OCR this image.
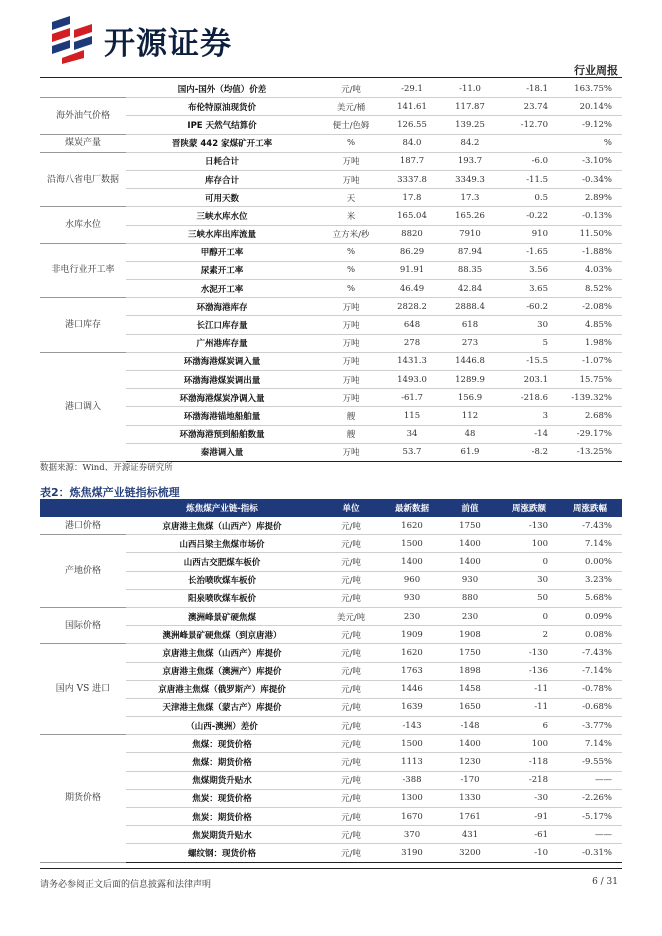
开源证券
行业周报
	国内-国外（均值）价差	元/吨	-29.1	-11.0	-18.1	163.75%
海外油气价格	布伦特原油现货价	美元/桶	141.61	117.87	23.74	20.14%
	IPE 天然气结算价	便士/色姆	126.55	139.25	-12.70	-9.12%
煤炭产量	晋陕蒙 442 家煤矿开工率	%	84.0	84.2		%
沿海八省电厂数据	日耗合计	万吨	187.7	193.7	-6.0	-3.10%
	库存合计	万吨	3337.8	3349.3	-11.5	-0.34%
	可用天数	天	17.8	17.3	0.5	2.89%
水库水位	三峡水库水位	米	165.04	165.26	-0.22	-0.13%
	三峡水库出库流量	立方米/秒	8820	7910	910	11.50%
非电行业开工率	甲醇开工率	%	86.29	87.94	-1.65	-1.88%
	尿素开工率	%	91.91	88.35	3.56	4.03%
	水泥开工率	%	46.49	42.84	3.65	8.52%
港口库存	环渤海港库存	万吨	2828.2	2888.4	-60.2	-2.08%
	长江口库存量	万吨	648	618	30	4.85%
	广州港库存量	万吨	278	273	5	1.98%
港口调入	环渤海港煤炭调入量	万吨	1431.3	1446.8	-15.5	-1.07%
	环渤海港煤炭调出量	万吨	1493.0	1289.9	203.1	15.75%
	环渤海港煤炭净调入量	万吨	-61.7	156.9	-218.6	-139.32%
	环渤海港锚地船舶量	艘	115	112	3	2.68%
	环渤海港预到船舶数量	艘	34	48	-14	-29.17%
	秦港调入量	万吨	53.7	61.9	-8.2	-13.25%
数据来源：Wind、开源证券研究所
表2：炼焦煤产业链指标梳理
	炼焦煤产业链-指标	单位	最新数据	前值	周涨跌额	周涨跌幅
港口价格	京唐港主焦煤（山西产）库提价	元/吨	1620	1750	-130	-7.43%
产地价格	山西吕梁主焦煤市场价	元/吨	1500	1400	100	7.14%
	山西古交肥煤车板价	元/吨	1400	1400	0	0.00%
	长治喷吹煤车板价	元/吨	960	930	30	3.23%
	阳泉喷吹煤车板价	元/吨	930	880	50	5.68%
国际价格	澳洲峰景矿硬焦煤	美元/吨	230	230	0	0.09%
	澳洲峰景矿硬焦煤（到京唐港）	元/吨	1909	1908	2	0.08%
国内 VS 进口	京唐港主焦煤（山西产）库提价	元/吨	1620	1750	-130	-7.43%
	京唐港主焦煤（澳洲产）库提价	元/吨	1763	1898	-136	-7.14%
	京唐港主焦煤（俄罗斯产）库提价	元/吨	1446	1458	-11	-0.78%
	天津港主焦煤（蒙古产）库提价	元/吨	1639	1650	-11	-0.68%
	（山西-澳洲）差价	元/吨	-143	-148	6	-3.77%
期货价格	焦煤：现货价格	元/吨	1500	1400	100	7.14%
	焦煤：期货价格	元/吨	1113	1230	-118	-9.55%
	焦煤期货升贴水	元/吨	-388	-170	-218	——
	焦炭：现货价格	元/吨	1300	1330	-30	-2.26%
	焦炭：期货价格	元/吨	1670	1761	-91	-5.17%
	焦炭期货升贴水	元/吨	370	431	-61	——
	螺纹钢：现货价格	元/吨	3190	3200	-10	-0.31%
请务必参阅正文后面的信息披露和法律声明	6 / 31
